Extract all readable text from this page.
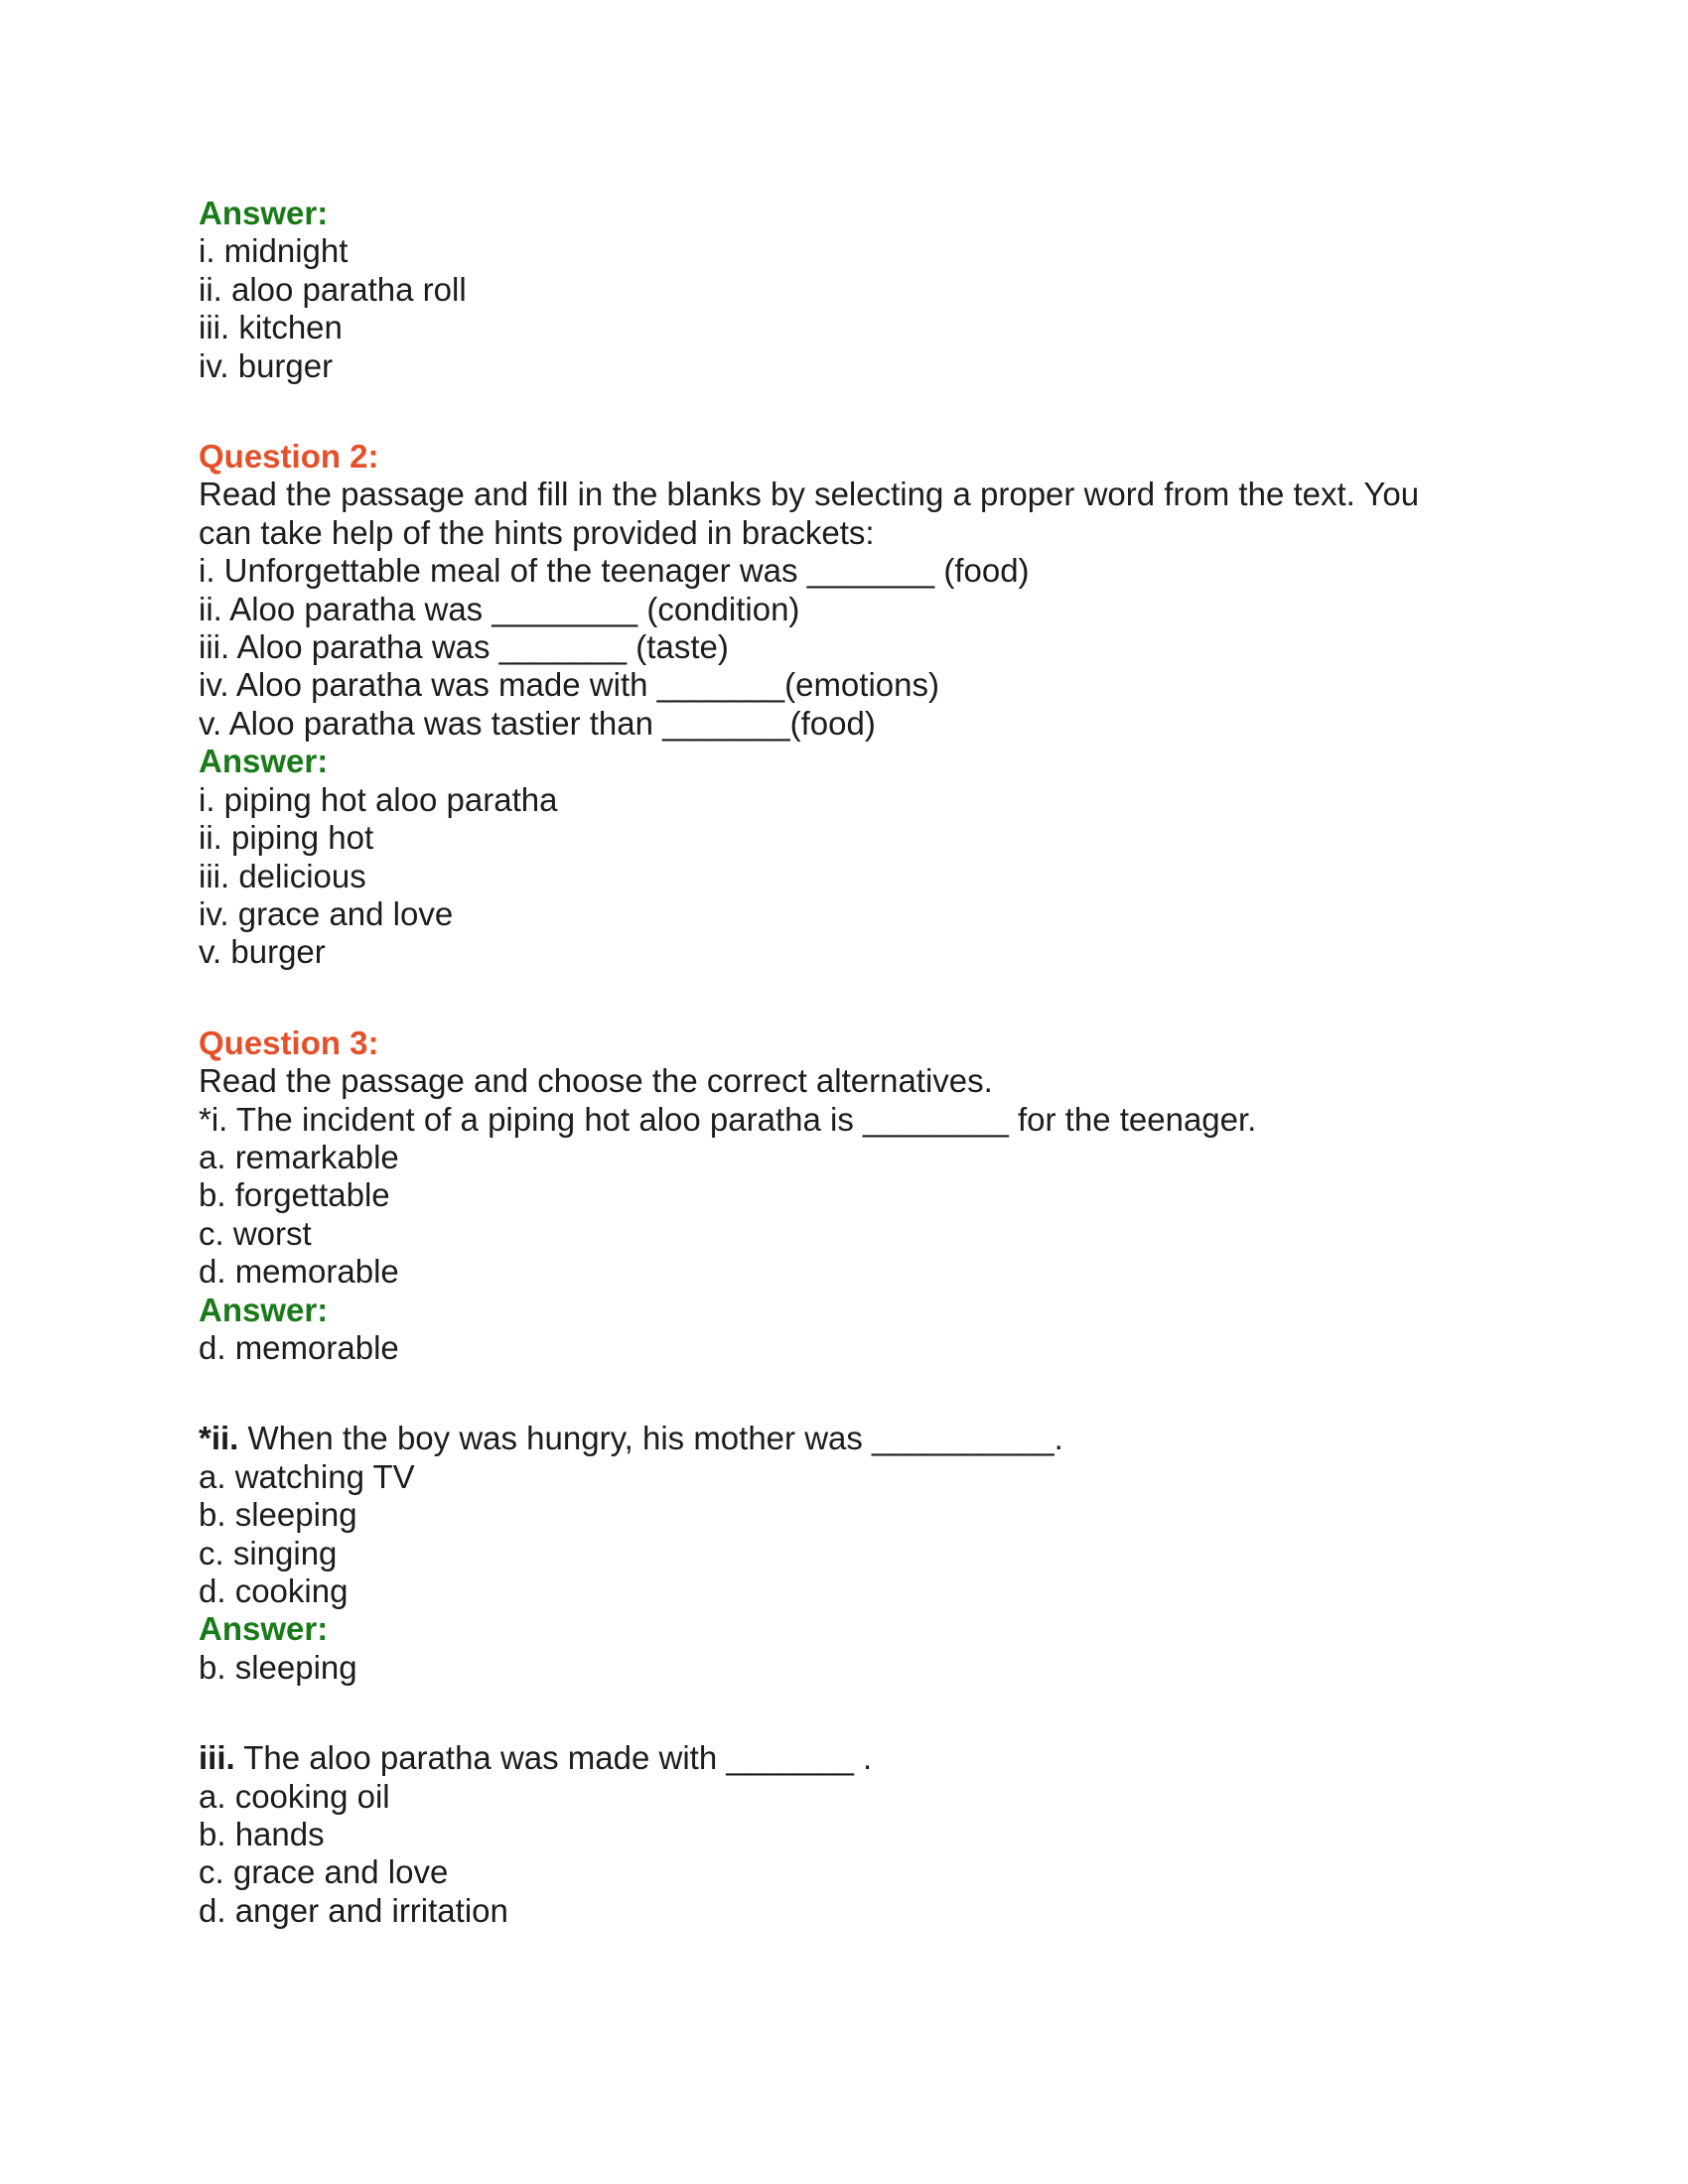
Answer:
i. midnight
ii. aloo paratha roll
iii. kitchen
iv. burger
Question 2:
Read the passage and fill in the blanks by selecting a proper word from the text. You
can take help of the hints provided in brackets:
i. Unforgettable meal of the teenager was _______ (food)
ii. Aloo paratha was ________ (condition)
iii. Aloo paratha was _______ (taste)
iv. Aloo paratha was made with _______(emotions)
v. Aloo paratha was tastier than _______(food)
Answer:
i. piping hot aloo paratha
ii. piping hot
iii. delicious
iv. grace and love
v. burger
Question 3:
Read the passage and choose the correct alternatives.
*i. The incident of a piping hot aloo paratha is ________ for the teenager.
a. remarkable
b. forgettable
c. worst
d. memorable
Answer:
d. memorable
*ii. When the boy was hungry, his mother was __________.
a. watching TV
b. sleeping
c. singing
d. cooking
Answer:
b. sleeping
iii. The aloo paratha was made with _______ .
a. cooking oil
b. hands
c. grace and love
d. anger and irritation
